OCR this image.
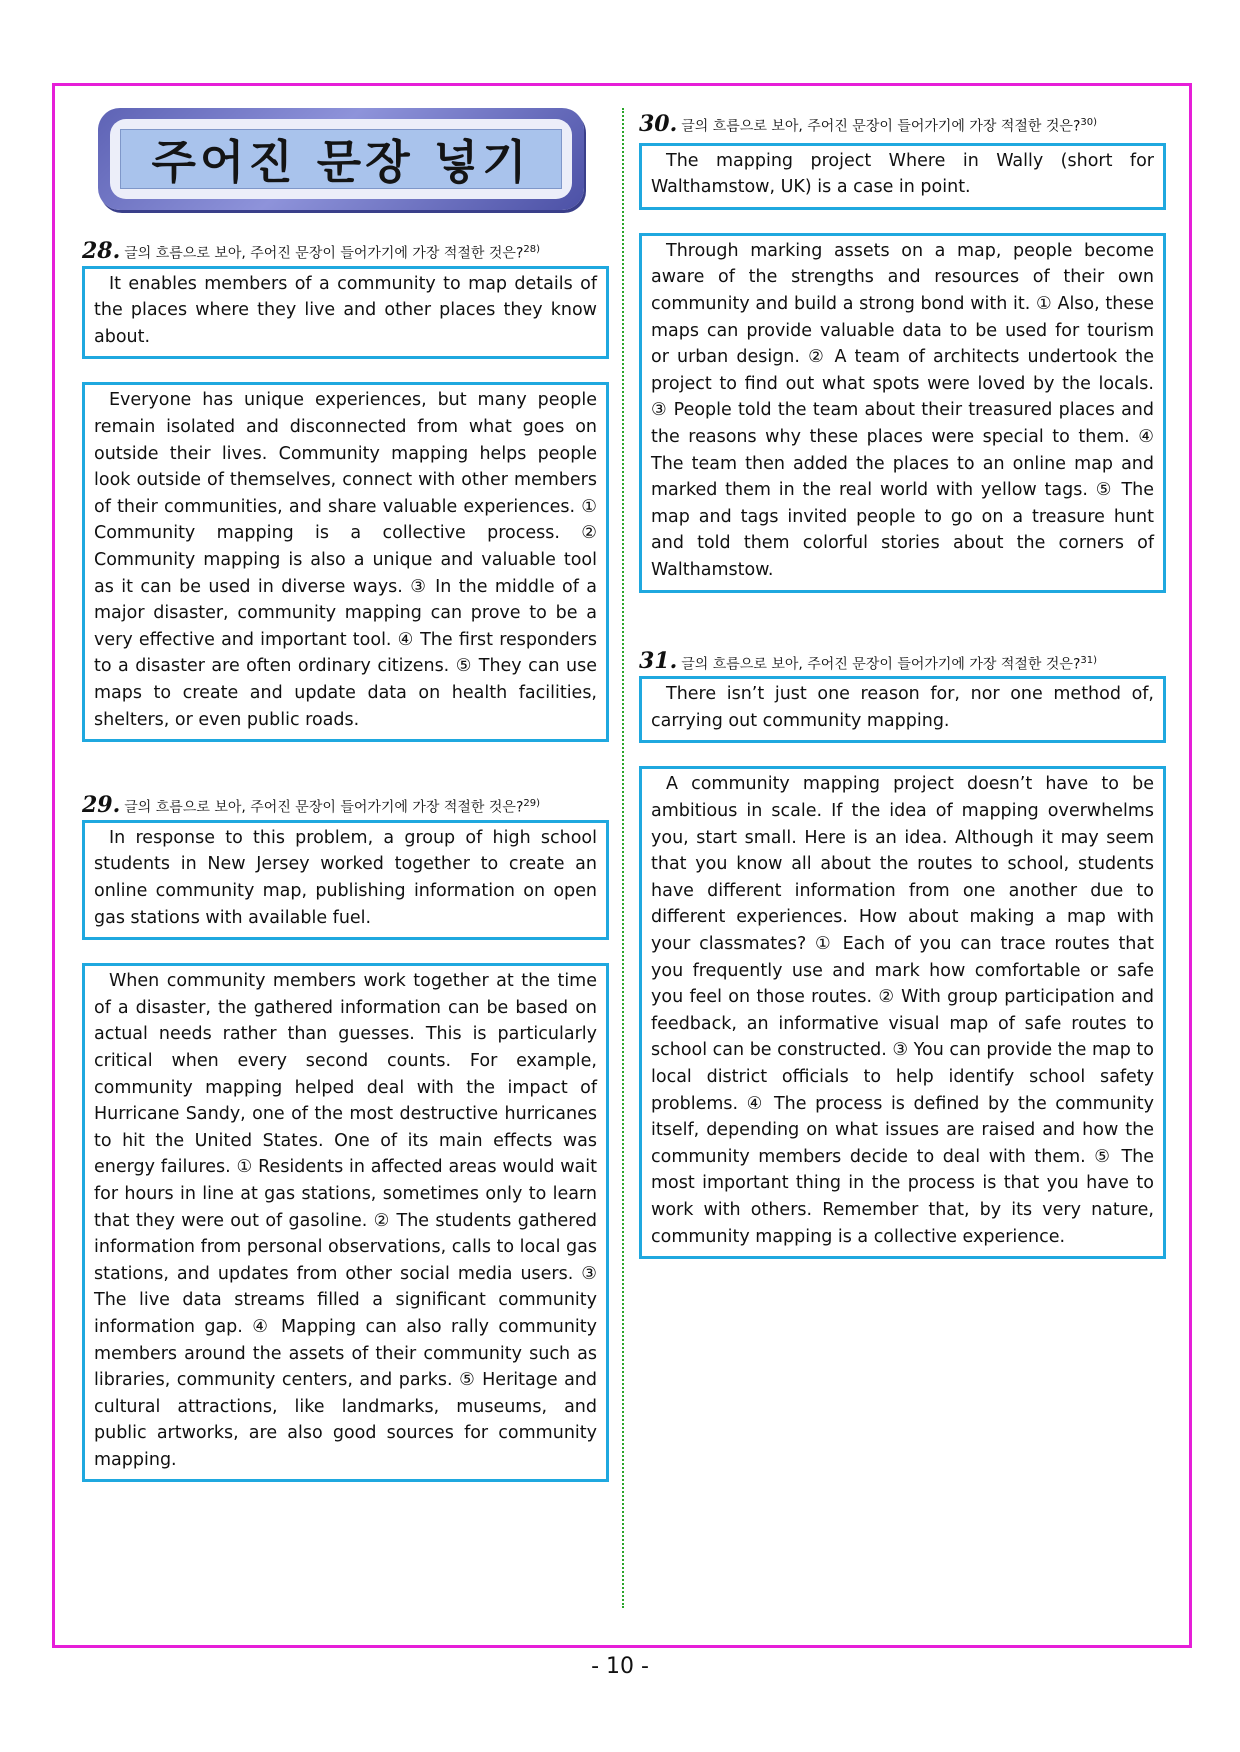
주어진 문장 넣기
28. 글의 흐름으로 보아, 주어진 문장이 들어가기에 가장 적절한 것은?$^{28)}$

It enables members of a community to map details of the places where they live and other places they know about.

Everyone has unique experiences, but many people remain isolated and disconnected from what goes on outside their lives. Community mapping helps people look outside of themselves, connect with other members of their communities, and share valuable experiences. ① Community mapping is a collective process. ② Community mapping is also a unique and valuable tool as it can be used in diverse ways. ③ In the middle of a major disaster, community mapping can prove to be a very effective and important tool. ④ The first responders to a disaster are often ordinary citizens. ⑤ They can use maps to create and update data on health facilities, shelters, or even public roads.

29. 글의 흐름으로 보아, 주어진 문장이 들어가기에 가장 적절한 것은?$^{29)}$

In response to this problem, a group of high school students in New Jersey worked together to create an online community map, publishing information on open gas stations with available fuel.

When community members work together at the time of a disaster, the gathered information can be based on actual needs rather than guesses. This is particularly critical when every second counts. For example, community mapping helped deal with the impact of Hurricane Sandy, one of the most destructive hurricanes to hit the United States. One of its main effects was energy failures. ① Residents in affected areas would wait for hours in line at gas stations, sometimes only to learn that they were out of gasoline. ② The students gathered information from personal observations, calls to local gas stations, and updates from other social media users. ③ The live data streams filled a significant community information gap. ④ Mapping can also rally community members around the assets of their community such as libraries, community centers, and parks. ⑤ Heritage and cultural attractions, like landmarks, museums, and public artworks, are also good sources for community mapping.

30. 글의 흐름으로 보아, 주어진 문장이 들어가기에 가장 적절한 것은?$^{30)}$

The mapping project Where in Wally (short for Walthamstow, UK) is a case in point.

Through marking assets on a map, people become aware of the strengths and resources of their own community and build a strong bond with it. ① Also, these maps can provide valuable data to be used for tourism or urban design. ② A team of architects undertook the project to find out what spots were loved by the locals. ③ People told the team about their treasured places and the reasons why these places were special to them. ④ The team then added the places to an online map and marked them in the real world with yellow tags. ⑤ The map and tags invited people to go on a treasure hunt and told them colorful stories about the corners of Walthamstow.

31. 글의 흐름으로 보아, 주어진 문장이 들어가기에 가장 적절한 것은?$^{31)}$

There isn’t just one reason for, nor one method of, carrying out community mapping.

A community mapping project doesn’t have to be ambitious in scale. If the idea of mapping overwhelms you, start small. Here is an idea. Although it may seem that you know all about the routes to school, students have different information from one another due to different experiences. How about making a map with your classmates? ① Each of you can trace routes that you frequently use and mark how comfortable or safe you feel on those routes. ② With group participation and feedback, an informative visual map of safe routes to school can be constructed. ③ You can provide the map to local district officials to help identify school safety problems. ④ The process is defined by the community itself, depending on what issues are raised and how the community members decide to deal with them. ⑤ The most important thing in the process is that you have to work with others. Remember that, by its very nature, community mapping is a collective experience.

- 10 -
